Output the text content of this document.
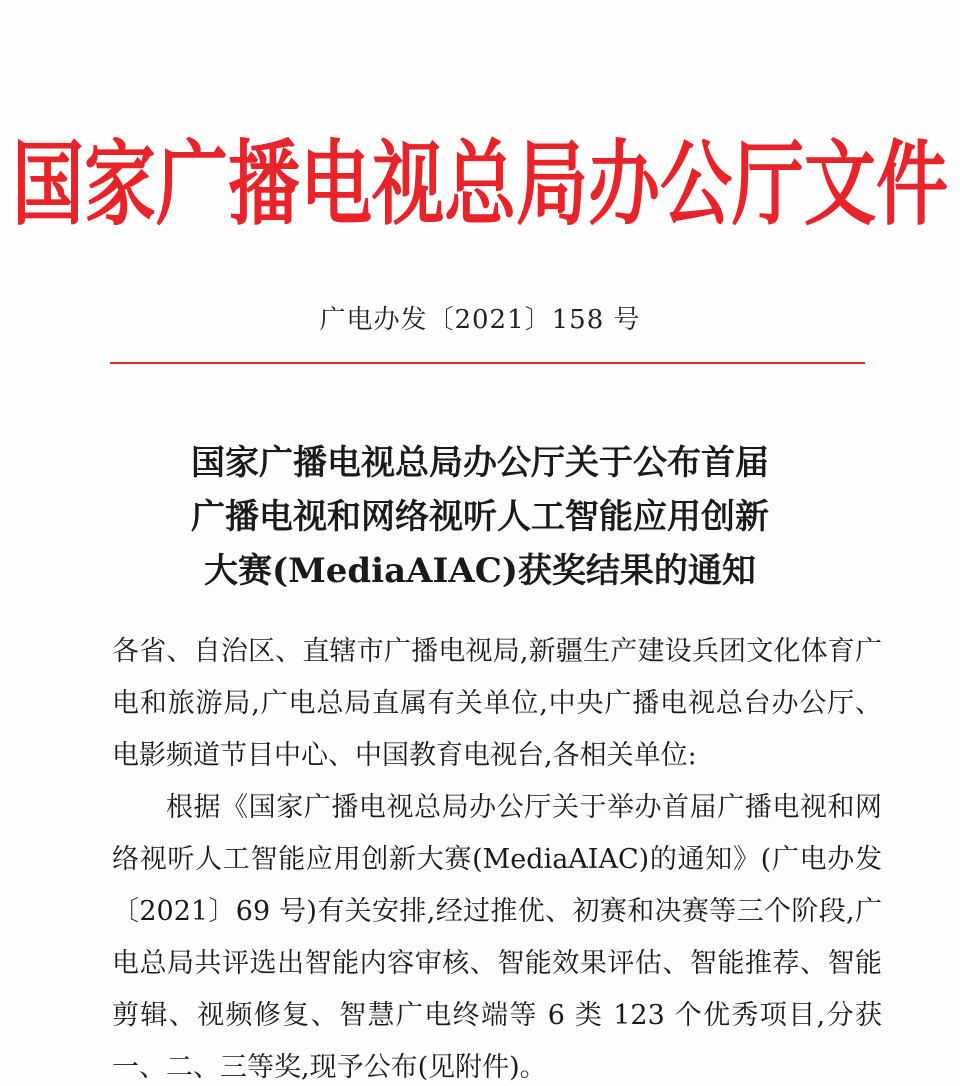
国家广播电视总局办公厅文件
广电办发〔2021〕158 号
国家广播电视总局办公厅关于公布首届
广播电视和网络视听人工智能应用创新
大赛(MediaAIAC)获奖结果的通知

各省、自治区、直辖市广播电视局,新疆生产建设兵团文化体育广电和旅游局,广电总局直属有关单位,中央广播电视总台办公厅、电影频道节目中心、中国教育电视台,各相关单位:

根据《国家广播电视总局办公厅关于举办首届广播电视和网络视听人工智能应用创新大赛(MediaAIAC)的通知》(广电办发〔2021〕69 号)有关安排,经过推优、初赛和决赛等三个阶段,广电总局共评选出智能内容审核、智能效果评估、智能推荐、智能剪辑、视频修复、智慧广电终端等 6 类 123 个优秀项目,分获一、二、三等奖,现予公布(见附件)。
